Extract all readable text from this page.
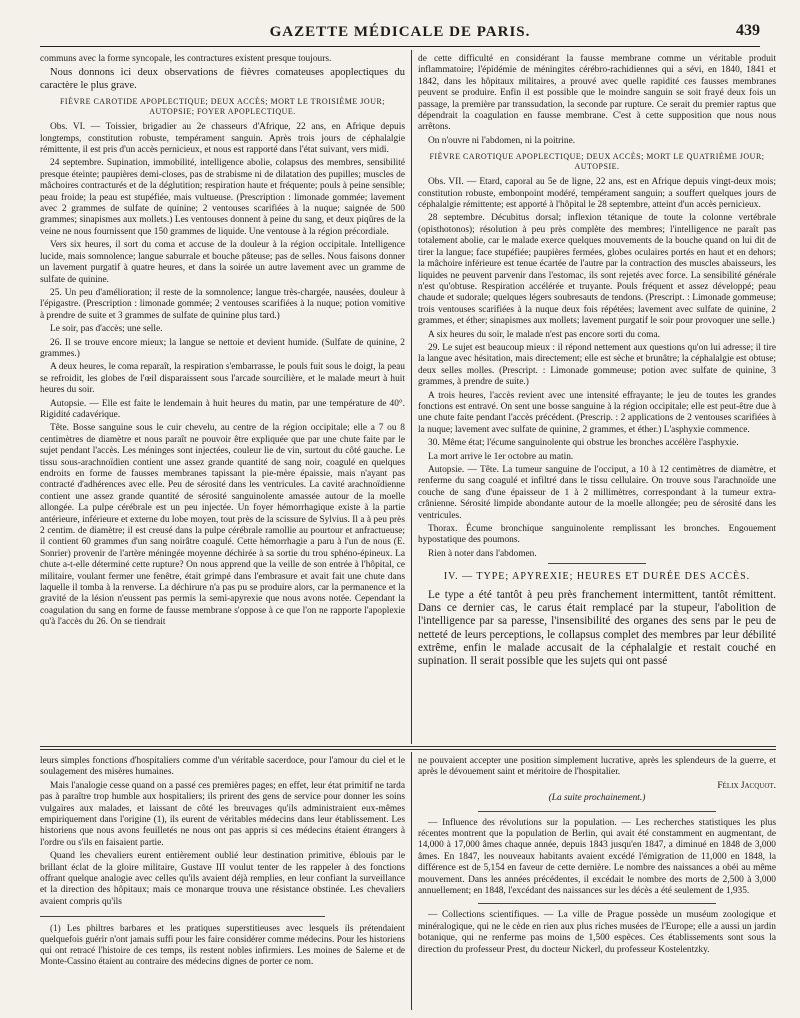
GAZETTE MÉDICALE DE PARIS.	439

communs avec la forme syncopale, les contractures existent presque toujours.

Nous donnons ici deux observations de fièvres comateuses apoplectiques du caractère le plus grave.

FIÈVRE CAROTIDE APOPLECTIQUE; DEUX ACCÈS; MORT LE TROISIÈME JOUR; AUTOPSIE; FOYER APOPLECTIQUE.

Obs. VI. — Toissier, brigadier au 2e chasseurs d'Afrique, 22 ans, en Afrique depuis longtemps, constitution robuste, tempérament sanguin. Après trois jours de céphalalgie rémittente, il est pris d'un accès pernicieux, et nous est rapporté dans l'état suivant, vers midi.

24 septembre. Supination, immobilité, intelligence abolie, colapsus des membres, sensibilité presque éteinte; paupières demi-closes, pas de strabisme ni de dilatation des pupilles; muscles de mâchoires contracturés et de la déglutition; respiration haute et fréquente; pouls à peine sensible; peau froide; la peau est stupéfiée, mais vultueuse. (Prescription : limonade gommée; lavement avec 2 grammes de sulfate de quinine; 2 ventouses scarifiées à la nuque; saignée de 500 grammes; sinapismes aux mollets.) Les ventouses donnent à peine du sang, et deux piqûres de la veine ne nous fournissent que 150 grammes de liquide. Une ventouse à la région précordiale.

Vers six heures, il sort du coma et accuse de la douleur à la région occipitale. Intelligence lucide, mais somnolence; langue saburrale et bouche pâteuse; pas de selles. Nous faisons donner un lavement purgatif à quatre heures, et dans la soirée un autre lavement avec un gramme de sulfate de quinine.

25. Un peu d'amélioration; il reste de la somnolence; langue très-chargée, nausées, douleur à l'épigastre. (Prescription : limonade gommée; 2 ventouses scarifiées à la nuque; potion vomitive à prendre de suite et 3 grammes de sulfate de quinine plus tard.)

Le soir, pas d'accès; une selle.

26. Il se trouve encore mieux; la langue se nettoie et devient humide. (Sulfate de quinine, 2 grammes.)

A deux heures, le coma reparaît, la respiration s'embarrasse, le pouls fuit sous le doigt, la peau se refroidit, les globes de l'œil disparaissent sous l'arcade sourcilière, et le malade meurt à huit heures du soir.

Autopsie. — Elle est faite le lendemain à huit heures du matin, par une température de 40°. Rigidité cadavérique.

Tête. Bosse sanguine sous le cuir chevelu, au centre de la région occipitale; elle a 7 ou 8 centimètres de diamètre et nous paraît ne pouvoir être expliquée que par une chute faite par le sujet pendant l'accès. Les méninges sont injectées, couleur lie de vin, surtout du côté gauche. Le tissu sous-arachnoïdien contient une assez grande quantité de sang noir, coagulé en quelques endroits en forme de fausses membranes tapissant la pie-mère épaissie, mais n'ayant pas contracté d'adhérences avec elle. Peu de sérosité dans les ventricules. La cavité arachnoïdienne contient une assez grande quantité de sérosité sanguinolente amassée autour de la moelle allongée. La pulpe cérébrale est un peu injectée. Un foyer hémorrhagique existe à la partie antérieure, inférieure et externe du lobe moyen, tout près de la scissure de Sylvius. Il a à peu près 2 centim. de diamètre; il est creusé dans la pulpe cérébrale ramollie au pourtour et anfractueuse; il contient 60 grammes d'un sang noirâtre coagulé. Cette hémorrhagie a paru à l'un de nous (E. Sonrier) provenir de l'artère méningée moyenne déchirée à sa sortie du trou sphéno-épineux. La chute a-t-elle déterminé cette rupture? On nous apprend que la veille de son entrée à l'hôpital, ce militaire, voulant fermer une fenêtre, était grimpé dans l'embrasure et avait fait une chute dans laquelle il tomba à la renverse. La déchirure n'a pas pu se produire alors, car la permanence et la gravité de la lésion n'eussent pas permis la semi-apyrexie que nous avons notée. Cependant la coagulation du sang en forme de fausse membrane s'oppose à ce que l'on ne rapporte l'apoplexie qu'à l'accès du 26. On se tiendrait

de cette difficulté en considérant la fausse membrane comme un véritable produit inflammatoire; l'épidémie de méningites cérébro-rachidiennes qui a sévi, en 1840, 1841 et 1842, dans les hôpitaux militaires, a prouvé avec quelle rapidité ces fausses membranes peuvent se produire. Enfin il est possible que le moindre sanguin se soit frayé deux fois un passage, la première par transsudation, la seconde par rupture. Ce serait du premier raptus que dépendrait la coagulation en fausse membrane. C'est à cette supposition que nous nous arrêtons.

On n'ouvre ni l'abdomen, ni la poitrine.

FIÈVRE CAROTIQUE APOPLECTIQUE; DEUX ACCÈS; MORT LE QUATRIÈME JOUR; AUTOPSIE.

Obs. VII. — Etard, caporal au 5e de ligne, 22 ans, est en Afrique depuis vingt-deux mois; constitution robuste, embonpoint modéré, tempérament sanguin; a souffert quelques jours de céphalalgie rémittente; est apporté à l'hôpital le 28 septembre, atteint d'un accès pernicieux.

28 septembre. Décubitus dorsal; inflexion tétanique de toute la colonne vertébrale (opisthotonos); résolution à peu près complète des membres; l'intelligence ne paraît pas totalement abolie, car le malade exerce quelques mouvements de la bouche quand on lui dit de tirer la langue; face stupéfiée; paupières fermées, globes oculaires portés en haut et en dehors; la mâchoire inférieure est tenue écartée de l'autre par la contraction des muscles abaisseurs, les liquides ne peuvent parvenir dans l'estomac, ils sont rejetés avec force. La sensibilité générale n'est qu'obtuse. Respiration accélérée et truyante. Pouls fréquent et assez développé; peau chaude et sudorale; quelques légers soubresauts de tendons. (Prescript. : Limonade gommeuse; trois ventouses scarifiées à la nuque deux fois répétées; lavement avec sulfate de quinine, 2 grammes, et éther; sinapismes aux mollets; lavement purgatif le soir pour provoquer une selle.)

A six heures du soir, le malade n'est pas encore sorti du coma.

29. Le sujet est beaucoup mieux : il répond nettement aux questions qu'on lui adresse; il tire la langue avec hésitation, mais directement; elle est sèche et brunâtre; la céphalalgie est obtuse; deux selles molles. (Prescript. : Limonade gommeuse; potion avec sulfate de quinine, 3 grammes, à prendre de suite.)

A trois heures, l'accès revient avec une intensité effrayante; le jeu de toutes les grandes fonctions est entravé. On sent une bosse sanguine à la région occipitale; elle est peut-être due à une chute faite pendant l'accès précédent. (Prescrip. : 2 applications de 2 ventouses scarifiées à la nuque; lavement avec sulfate de quinine, 2 grammes, et éther.) L'asphyxie commence.

30. Même état; l'écume sanguinolente qui obstrue les bronches accélère l'asphyxie.

La mort arrive le 1er octobre au matin.

Autopsie. — Tête. La tumeur sanguine de l'occiput, a 10 à 12 centimètres de diamètre, et renferme du sang coagulé et infiltré dans le tissu cellulaire. On trouve sous l'arachnoïde une couche de sang d'une épaisseur de 1 à 2 millimètres, correspondant à la tumeur extra-crânienne. Sérosité limpide abondante autour de la moelle allongée; peu de sérosité dans les ventricules.

Thorax. Écume bronchique sanguinolente remplissant les bronches. Engouement hypostatique des poumons.

Rien à noter dans l'abdomen.

IV. — TYPE; APYREXIE; HEURES ET DURÉE DES ACCÈS.

Le type a été tantôt à peu près franchement intermittent, tantôt rémittent. Dans ce dernier cas, le carus était remplacé par la stupeur, l'abolition de l'intelligence par sa paresse, l'insensibilité des organes des sens par le peu de netteté de leurs perceptions, le collapsus complet des membres par leur débilité extrême, enfin le malade accusait de la céphalalgie et restait couché en supination. Il serait possible que les sujets qui ont passé

leurs simples fonctions d'hospitaliers comme d'un véritable sacerdoce, pour l'amour du ciel et le soulagement des misères humaines.

Mais l'analogie cesse quand on a passé ces premières pages; en effet, leur état primitif ne tarda pas à paraître trop humble aux hospitaliers; ils prirent des gens de service pour donner les soins vulgaires aux malades, et laissant de côté les breuvages qu'ils administraient eux-mêmes empiriquement dans l'origine (1), ils eurent de véritables médecins dans leur établissement. Les historiens que nous avons feuilletés ne nous ont pas appris si ces médecins étaient étrangers à l'ordre ou s'ils en faisaient partie.

Quand les chevaliers eurent entièrement oublié leur destination primitive, éblouis par le brillant éclat de la gloire militaire, Gustave III voulut tenter de les rappeler à des fonctions offrant quelque analogie avec celles qu'ils avaient déjà remplies, en leur confiant la surveillance et la direction des hôpitaux; mais ce monarque trouva une résistance obstinée. Les chevaliers avaient compris qu'ils

(1) Les philtres barbares et les pratiques superstitieuses avec lesquels ils prétendaient quelquefois guérir n'ont jamais suffi pour les faire considérer comme médecins. Pour les historiens qui ont retracé l'histoire de ces temps, ils restent nobles infirmiers. Les moines de Salerne et de Monte-Cassino étaient au contraire des médecins dignes de porter ce nom.

ne pouvaient accepter une position simplement lucrative, après les splendeurs de la guerre, et après le dévouement saint et méritoire de l'hospitalier.

Félix Jacquot.
(La suite prochainement.)

— Influence des révolutions sur la population. — Les recherches statistiques les plus récentes montrent que la population de Berlin, qui avait été constamment en augmentant, de 14,000 à 17,000 âmes chaque année, depuis 1843 jusqu'en 1847, a diminué en 1848 de 3,000 âmes. En 1847, les nouveaux habitants avaient excédé l'émigration de 11,000 en 1848, la différence est de 5,154 en faveur de cette dernière. Le nombre des naissances a obéi au même mouvement. Dans les années précédentes, il excédait le nombre des morts de 2,500 à 3,000 annuellement; en 1848, l'excédant des naissances sur les décès a été seulement de 1,935.

— Collections scientifiques. — La ville de Prague possède un muséum zoologique et minéralogique, qui ne le cède en rien aux plus riches musées de l'Europe; elle a aussi un jardin botanique, qui ne renferme pas moins de 1,500 espèces. Ces établissements sont sous la direction du professeur Prest, du docteur Nickerl, du professeur Kostelentzky.
